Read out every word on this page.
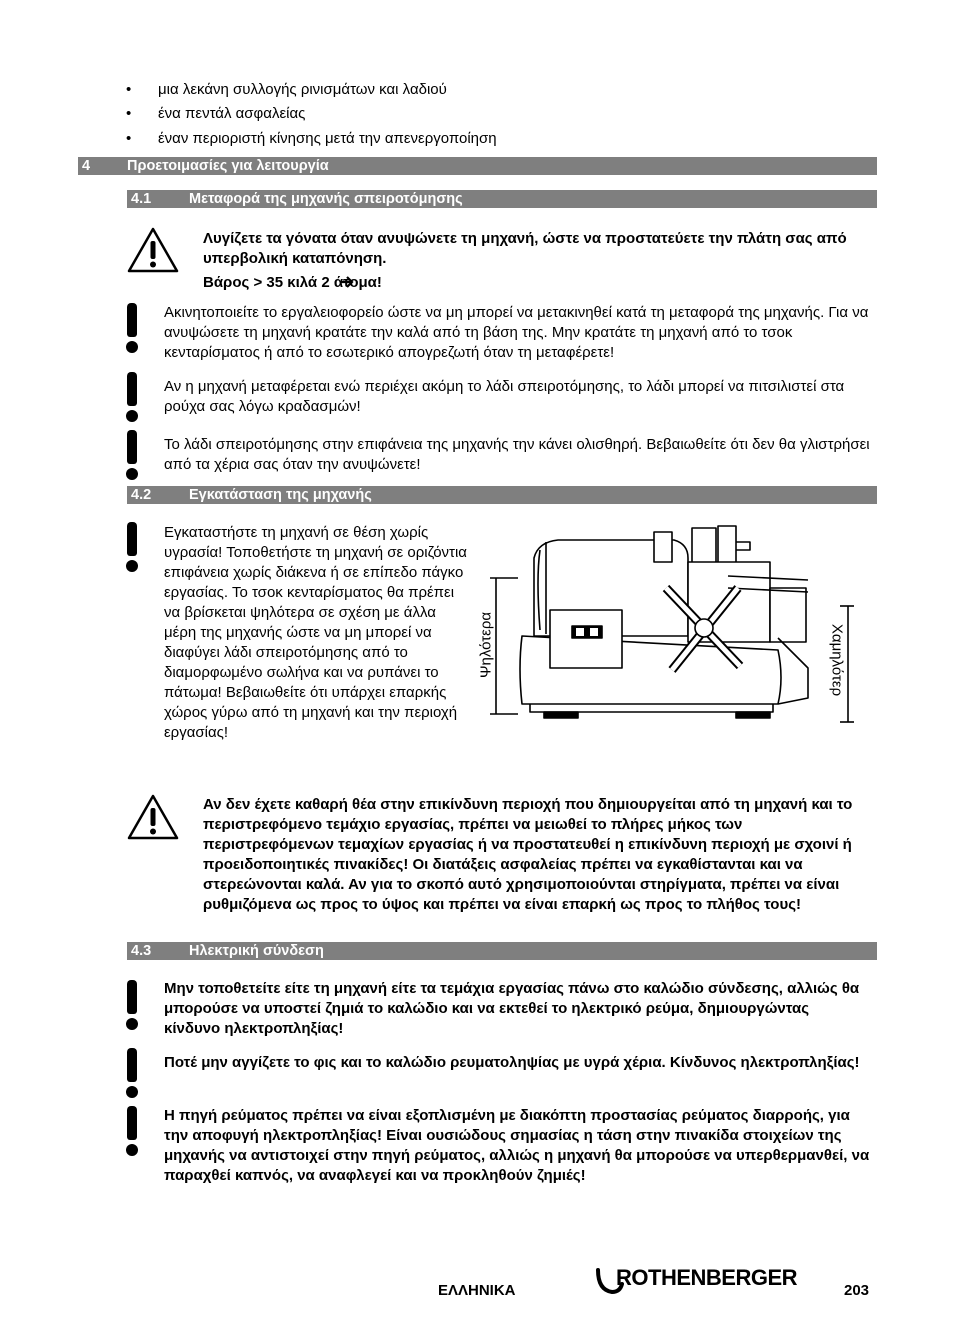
• μια λεκάνη συλλογής ρινισμάτων και λαδιού
• ένα πεντάλ ασφαλείας
• έναν περιοριστή κίνησης μετά την απενεργοποίηση
4	Προετοιμασίες για λειτουργία
4.1	Μεταφορά της μηχανής σπειροτόμησης
Λυγίζετε τα γόνατα όταν ανυψώνετε τη μηχανή, ώστε να προστατεύετε την πλάτη σας από υπερβολική καταπόνηση.
Βάρος > 35 κιλά 2 άτομα!
Ακινητοποιείτε το εργαλειοφορείο ώστε να μη μπορεί να μετακινηθεί κατά τη μεταφορά της μηχανής. Για να ανυψώσετε τη μηχανή κρατάτε την καλά από τη βάση της. Μην κρατάτε τη μηχανή από το τσοκ κενταρίσματος ή από το εσωτερικό απογρεζωτή όταν τη μεταφέρετε!
Αν η μηχανή μεταφέρεται ενώ περιέχει ακόμη το λάδι σπειροτόμησης, το λάδι μπορεί να πιτσιλιστεί στα ρούχα σας λόγω κραδασμών!
Το λάδι σπειροτόμησης στην επιφάνεια της μηχανής την κάνει ολισθηρή. Βεβαιωθείτε ότι δεν θα γλιστρήσει από τα χέρια σας όταν την ανυψώνετε!
4.2	Εγκατάσταση της μηχανής
Εγκαταστήστε τη μηχανή σε θέση χωρίς υγρασία! Τοποθετήστε τη μηχανή σε οριζόντια επιφάνεια χωρίς διάκενα ή σε επίπεδο πάγκο εργασίας. Το τσοκ κενταρίσματος θα πρέπει να βρίσκεται ψηλότερα σε σχέση με άλλα μέρη της μηχανής ώστε να μη μπορεί να διαφύγει λάδι σπειροτόμησης από το διαμορφωμένο σωλήνα και να ρυπάνει το πάτωμα! Βεβαιωθείτε ότι υπάρχει επαρκής χώρος γύρω από τη μηχανή και την περιοχή εργασίας!
Ψηλότερα	Χαμηλότερ
Αν δεν έχετε καθαρή θέα στην επικίνδυνη περιοχή που δημιουργείται από τη μηχανή και το περιστρεφόμενο τεμάχιο εργασίας, πρέπει να μειωθεί το πλήρες μήκος των περιστρεφόμενων τεμαχίων εργασίας ή να προστατευθεί η επικίνδυνη περιοχή με σχοινί ή προειδοποιητικές πινακίδες! Οι διατάξεις ασφαλείας πρέπει να εγκαθίστανται και να στερεώνονται καλά. Αν για το σκοπό αυτό χρησιμοποιούνται στηρίγματα, πρέπει να είναι ρυθμιζόμενα ως προς το ύψος και πρέπει να είναι επαρκή ως προς το πλήθος τους!
4.3	Ηλεκτρική σύνδεση
Μην τοποθετείτε είτε τη μηχανή είτε τα τεμάχια εργασίας πάνω στο καλώδιο σύνδεσης, αλλιώς θα μπορούσε να υποστεί ζημιά το καλώδιο και να εκτεθεί το ηλεκτρικό ρεύμα, δημιουργώντας κίνδυνο ηλεκτροπληξίας!
Ποτέ μην αγγίζετε το φις και το καλώδιο ρευματοληψίας με υγρά χέρια. Κίνδυνος ηλεκτροπληξίας!
Η πηγή ρεύματος πρέπει να είναι εξοπλισμένη με διακόπτη προστασίας ρεύματος διαρροής, για την αποφυγή ηλεκτροπληξίας! Είναι ουσιώδους σημασίας η τάση στην πινακίδα στοιχείων της μηχανής να αντιστοιχεί στην πηγή ρεύματος, αλλιώς η μηχανή θα μπορούσε να υπερθερμανθεί, να παραχθεί καπνός, να αναφλεγεί και να προκληθούν ζημιές!
ΕΛΛΗΝΙΚΑ
ROTHENBERGER
203
